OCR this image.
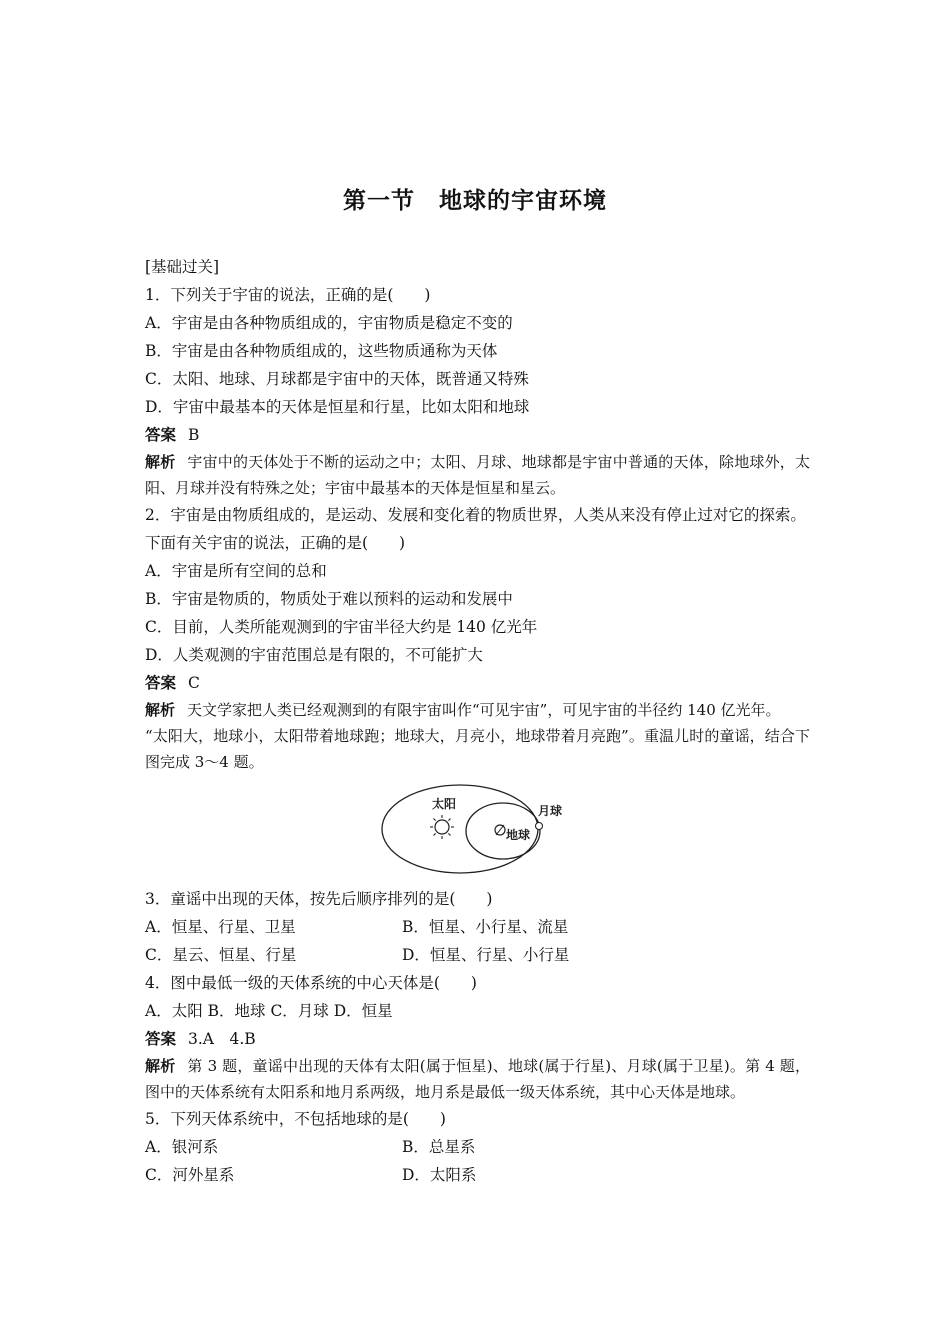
第一节　地球的宇宙环境
[基础过关]
1．下列关于宇宙的说法，正确的是(　　)
A．宇宙是由各种物质组成的，宇宙物质是稳定不变的
B．宇宙是由各种物质组成的，这些物质通称为天体
C．太阳、地球、月球都是宇宙中的天体，既普通又特殊
D．宇宙中最基本的天体是恒星和行星，比如太阳和地球
答案 B
解析 宇宙中的天体处于不断的运动之中；太阳、月球、地球都是宇宙中普通的天体，除地球外，太阳、月球并没有特殊之处；宇宙中最基本的天体是恒星和星云。
2．宇宙是由物质组成的，是运动、发展和变化着的物质世界，人类从来没有停止过对它的探索。下面有关宇宙的说法，正确的是(　　)
A．宇宙是所有空间的总和
B．宇宙是物质的，物质处于难以预料的运动和发展中
C．目前，人类所能观测到的宇宙半径大约是 140 亿光年
D．人类观测的宇宙范围总是有限的，不可能扩大
答案 C
解析 天文学家把人类已经观测到的有限宇宙叫作“可见宇宙”，可见宇宙的半径约 140 亿光年。
“太阳大，地球小，太阳带着地球跑；地球大，月亮小，地球带着月亮跑”。重温儿时的童谣，结合下图完成 3～4 题。
太阳
地球
月球
3．童谣中出现的天体，按先后顺序排列的是(　　)
A．恒星、行星、卫星	B．恒星、小行星、流星
C．星云、恒星、行星	D．恒星、行星、小行星
4．图中最低一级的天体系统的中心天体是(　　)
A．太阳 B．地球 C．月球 D．恒星
答案 3.A　4.B
解析 第 3 题，童谣中出现的天体有太阳(属于恒星)、地球(属于行星)、月球(属于卫星)。第 4 题，图中的天体系统有太阳系和地月系两级，地月系是最低一级天体系统，其中心天体是地球。
5．下列天体系统中，不包括地球的是(　　)
A．银河系	B．总星系
C．河外星系	D．太阳系
